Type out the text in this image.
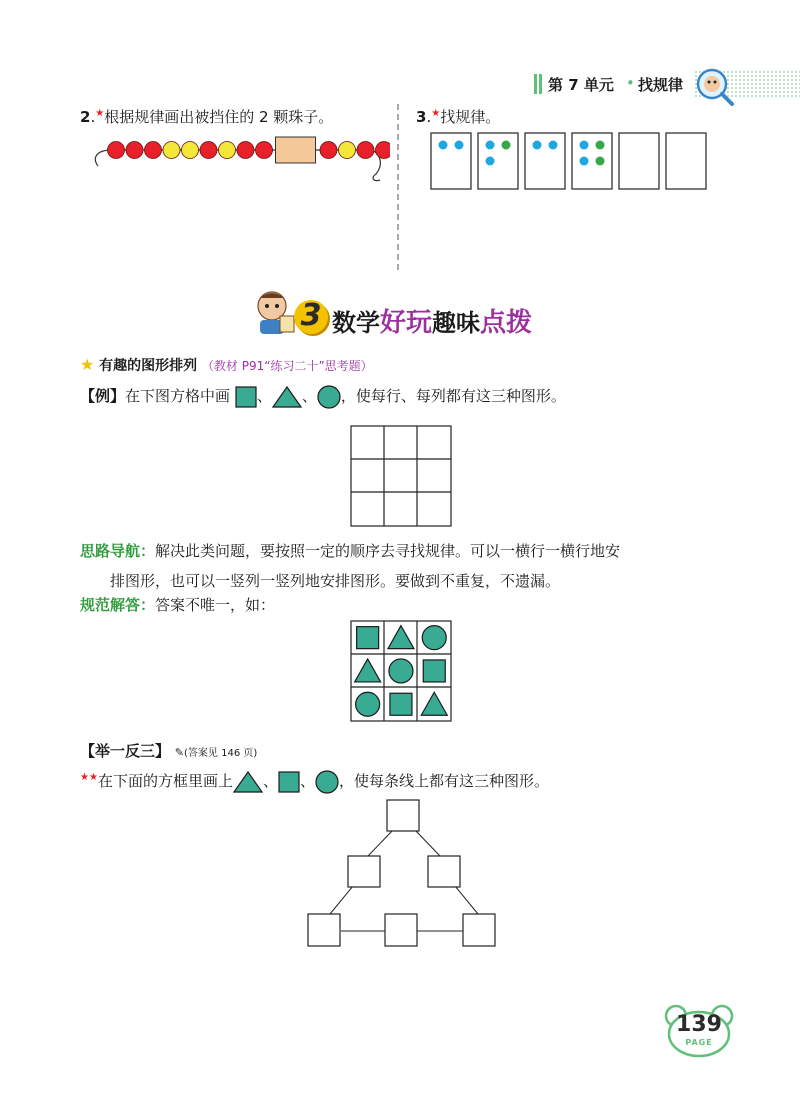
第 7 单元 • 找规律
2.★根据规律画出被挡住的 2 颗珠子。	3.★找规律。
3 数学好玩趣味点拨
★ 有趣的图形排列 （教材 P91“练习二十”思考题）
【例】在下图方格中画 、 、 ，使每行、每列都有这三种图形。
思路导航：解决此类问题，要按照一定的顺序去寻找规律。可以一横行一横行地安
排图形，也可以一竖列一竖列地安排图形。要做到不重复，不遗漏。
规范解答：答案不唯一，如：
【举一反三】 ✎(答案见 146 页)
★★在下面的方框里画上 、 、 ，使每条线上都有这三种图形。
139
PAGE
